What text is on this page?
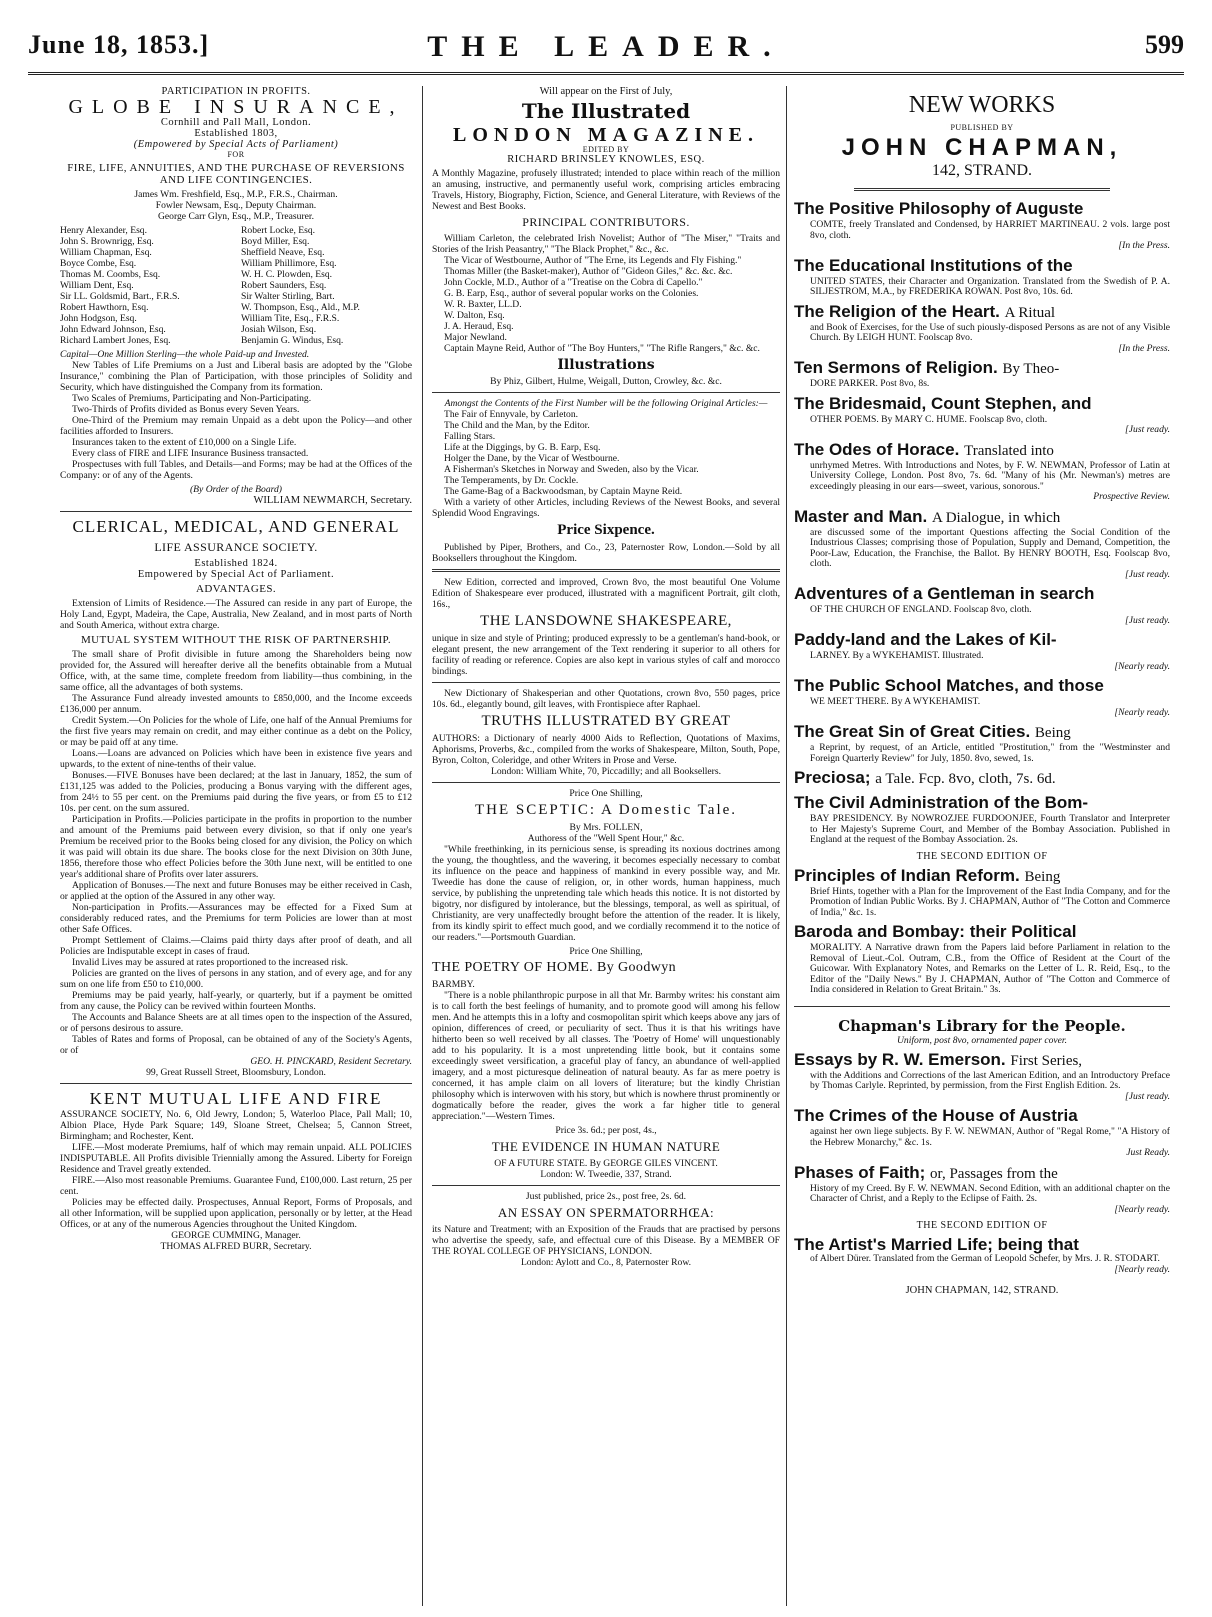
THE LEADER.
June 18, 1853.]	599
PARTICIPATION IN PROFITS.
GLOBE INSURANCE,
Cornhill and Pall Mall, London.
Established 1803,
(Empowered by Special Acts of Parliament)
FOR
FIRE, LIFE, ANNUITIES, AND THE PURCHASE OF REVERSIONS AND LIFE CONTINGENCIES.

James Wm. Freshfield, Esq., M.P., F.R.S., Chairman.

Fowler Newsam, Esq., Deputy Chairman.

George Carr Glyn, Esq., M.P., Treasurer.

Henry Alexander, Esq.

John S. Brownrigg, Esq.

William Chapman, Esq.

Boyce Combe, Esq.

Thomas M. Coombs, Esq.

William Dent, Esq.

Sir I.L. Goldsmid, Bart., F.R.S.

Robert Hawthorn, Esq.

John Hodgson, Esq.

John Edward Johnson, Esq.

Richard Lambert Jones, Esq.

Robert Locke, Esq.

Boyd Miller, Esq.

Sheffield Neave, Esq.

William Phillimore, Esq.

W. H. C. Plowden, Esq.

Robert Saunders, Esq.

Sir Walter Stirling, Bart.

W. Thompson, Esq., Ald., M.P.

William Tite, Esq., F.R.S.

Josiah Wilson, Esq.

Benjamin G. Windus, Esq.

Capital—One Million Sterling—the whole Paid-up and Invested.

New Tables of Life Premiums on a Just and Liberal basis are adopted by the "Globe Insurance," combining the Plan of Participation, with those principles of Solidity and Security, which have distinguished the Company from its formation.

Two Scales of Premiums, Participating and Non-Participating.

Two-Thirds of Profits divided as Bonus every Seven Years.

One-Third of the Premium may remain Unpaid as a debt upon the Policy—and other facilities afforded to Insurers.

Insurances taken to the extent of £10,000 on a Single Life.

Every class of FIRE and LIFE Insurance Business transacted.

Prospectuses with full Tables, and Details—and Forms; may be had at the Offices of the Company: or of any of the Agents.

(By Order of the Board)
WILLIAM NEWMARCH, Secretary.
CLERICAL, MEDICAL, AND GENERAL
LIFE ASSURANCE SOCIETY.
Established 1824.
Empowered by Special Act of Parliament.
ADVANTAGES.

Extension of Limits of Residence.—The Assured can reside in any part of Europe, the Holy Land, Egypt, Madeira, the Cape, Australia, New Zealand, and in most parts of North and South America, without extra charge.

MUTUAL SYSTEM WITHOUT THE RISK OF PARTNERSHIP.

The small share of Profit divisible in future among the Shareholders being now provided for, the Assured will hereafter derive all the benefits obtainable from a Mutual Office, with, at the same time, complete freedom from liability—thus combining, in the same office, all the advantages of both systems.

The Assurance Fund already invested amounts to £850,000, and the Income exceeds £136,000 per annum.

Credit System.—On Policies for the whole of Life, one half of the Annual Premiums for the first five years may remain on credit, and may either continue as a debt on the Policy, or may be paid off at any time.

Loans.—Loans are advanced on Policies which have been in existence five years and upwards, to the extent of nine-tenths of their value.

Bonuses.—FIVE Bonuses have been declared; at the last in January, 1852, the sum of £131,125 was added to the Policies, producing a Bonus varying with the different ages, from 24½ to 55 per cent. on the Premiums paid during the five years, or from £5 to £12 10s. per cent. on the sum assured.

Participation in Profits.—Policies participate in the profits in proportion to the number and amount of the Premiums paid between every division, so that if only one year's Premium be received prior to the Books being closed for any division, the Policy on which it was paid will obtain its due share. The books close for the next Division on 30th June, 1856, therefore those who effect Policies before the 30th June next, will be entitled to one year's additional share of Profits over later assurers.

Application of Bonuses.—The next and future Bonuses may be either received in Cash, or applied at the option of the Assured in any other way.

Non-participation in Profits.—Assurances may be effected for a Fixed Sum at considerably reduced rates, and the Premiums for term Policies are lower than at most other Safe Offices.

Prompt Settlement of Claims.—Claims paid thirty days after proof of death, and all Policies are Indisputable except in cases of fraud.

Invalid Lives may be assured at rates proportioned to the increased risk.

Policies are granted on the lives of persons in any station, and of every age, and for any sum on one life from £50 to £10,000.

Premiums may be paid yearly, half-yearly, or quarterly, but if a payment be omitted from any cause, the Policy can be revived within fourteen Months.

The Accounts and Balance Sheets are at all times open to the inspection of the Assured, or of persons desirous to assure.

Tables of Rates and forms of Proposal, can be obtained of any of the Society's Agents, or of

GEO. H. PINCKARD, Resident Secretary.
99, Great Russell Street, Bloomsbury, London.
KENT MUTUAL LIFE AND FIRE

ASSURANCE SOCIETY, No. 6, Old Jewry, London; 5, Waterloo Place, Pall Mall; 10, Albion Place, Hyde Park Square; 149, Sloane Street, Chelsea; 5, Cannon Street, Birmingham; and Rochester, Kent.

LIFE.—Most moderate Premiums, half of which may remain unpaid. ALL POLICIES INDISPUTABLE. All Profits divisible Triennially among the Assured. Liberty for Foreign Residence and Travel greatly extended.

FIRE.—Also most reasonable Premiums. Guarantee Fund, £100,000. Last return, 25 per cent.

Policies may be effected daily. Prospectuses, Annual Report, Forms of Proposals, and all other Information, will be supplied upon application, personally or by letter, at the Head Offices, or at any of the numerous Agencies throughout the United Kingdom.

GEORGE CUMMING, Manager.
THOMAS ALFRED BURR, Secretary.
Will appear on the First of July,
The Illustrated
LONDON MAGAZINE.
EDITED BY
RICHARD BRINSLEY KNOWLES, ESQ.

A Monthly Magazine, profusely illustrated; intended to place within reach of the million an amusing, instructive, and permanently useful work, comprising articles embracing Travels, History, Biography, Fiction, Science, and General Literature, with Reviews of the Newest and Best Books.

PRINCIPAL CONTRIBUTORS.

William Carleton, the celebrated Irish Novelist; Author of "The Miser," "Traits and Stories of the Irish Peasantry," "The Black Prophet," &c., &c.

The Vicar of Westbourne, Author of "The Erne, its Legends and Fly Fishing."

Thomas Miller (the Basket-maker), Author of "Gideon Giles," &c. &c. &c.

John Cockle, M.D., Author of a "Treatise on the Cobra di Capello."

G. B. Earp, Esq., author of several popular works on the Colonies.

W. R. Baxter, LL.D.

W. Dalton, Esq.

J. A. Heraud, Esq.

Major Newland.

Captain Mayne Reid, Author of "The Boy Hunters," "The Rifle Rangers," &c. &c.

Illustrations
By Phiz, Gilbert, Hulme, Weigall, Dutton, Crowley, &c. &c.
Amongst the Contents of the First Number will be the following Original Articles:—

The Fair of Ennyvale, by Carleton.

The Child and the Man, by the Editor.

Falling Stars.

Life at the Diggings, by G. B. Earp, Esq.

Holger the Dane, by the Vicar of Westbourne.

A Fisherman's Sketches in Norway and Sweden, also by the Vicar.

The Temperaments, by Dr. Cockle.

The Game-Bag of a Backwoodsman, by Captain Mayne Reid.

With a variety of other Articles, including Reviews of the Newest Books, and several Splendid Wood Engravings.

Price Sixpence.

Published by Piper, Brothers, and Co., 23, Paternoster Row, London.—Sold by all Booksellers throughout the Kingdom.

New Edition, corrected and improved, Crown 8vo, the most beautiful One Volume Edition of Shakespeare ever produced, illustrated with a magnificent Portrait, gilt cloth, 16s.,

THE LANSDOWNE SHAKESPEARE,

unique in size and style of Printing; produced expressly to be a gentleman's hand-book, or elegant present, the new arrangement of the Text rendering it superior to all others for facility of reading or reference. Copies are also kept in various styles of calf and morocco bindings.

New Dictionary of Shakesperian and other Quotations, crown 8vo, 550 pages, price 10s. 6d., elegantly bound, gilt leaves, with Frontispiece after Raphael.

TRUTHS ILLUSTRATED BY GREAT

AUTHORS: a Dictionary of nearly 4000 Aids to Reflection, Quotations of Maxims, Aphorisms, Proverbs, &c., compiled from the works of Shakespeare, Milton, South, Pope, Byron, Colton, Coleridge, and other Writers in Prose and Verse.

London: William White, 70, Piccadilly; and all Booksellers.
Price One Shilling,
THE SCEPTIC: A Domestic Tale.
By Mrs. FOLLEN,
Authoress of the "Well Spent Hour," &c.

"While freethinking, in its pernicious sense, is spreading its noxious doctrines among the young, the thoughtless, and the wavering, it becomes especially necessary to combat its influence on the peace and happiness of mankind in every possible way, and Mr. Tweedie has done the cause of religion, or, in other words, human happiness, much service, by publishing the unpretending tale which heads this notice. It is not distorted by bigotry, nor disfigured by intolerance, but the blessings, temporal, as well as spiritual, of Christianity, are very unaffectedly brought before the attention of the reader. It is likely, from its kindly spirit to effect much good, and we cordially recommend it to the notice of our readers."—Portsmouth Guardian.

Price One Shilling,
THE POETRY OF HOME. By Goodwyn
BARMBY.

"There is a noble philanthropic purpose in all that Mr. Barmby writes: his constant aim is to call forth the best feelings of humanity, and to promote good will among his fellow men. And he attempts this in a lofty and cosmopolitan spirit which keeps above any jars of opinion, differences of creed, or peculiarity of sect. Thus it is that his writings have hitherto been so well received by all classes. The 'Poetry of Home' will unquestionably add to his popularity. It is a most unpretending little book, but it contains some exceedingly sweet versification, a graceful play of fancy, an abundance of well-applied imagery, and a most picturesque delineation of natural beauty. As far as mere poetry is concerned, it has ample claim on all lovers of literature; but the kindly Christian philosophy which is interwoven with his story, but which is nowhere thrust prominently or dogmatically before the reader, gives the work a far higher title to general appreciation."—Western Times.

Price 3s. 6d.; per post, 4s.,
THE EVIDENCE IN HUMAN NATURE
OF A FUTURE STATE. By GEORGE GILES VINCENT.
London: W. Tweedie, 337, Strand.
Just published, price 2s., post free, 2s. 6d.
AN ESSAY ON SPERMATORRHŒA:

its Nature and Treatment; with an Exposition of the Frauds that are practised by persons who advertise the speedy, safe, and effectual cure of this Disease. By a MEMBER OF THE ROYAL COLLEGE OF PHYSICIANS, LONDON.

London: Aylott and Co., 8, Paternoster Row.
NEW WORKS
PUBLISHED BY
JOHN CHAPMAN,
142, STRAND.
The Positive Philosophy of Auguste
COMTE, freely Translated and Condensed, by HARRIET MARTINEAU. 2 vols. large post 8vo, cloth.
[In the Press.
The Educational Institutions of the
UNITED STATES, their Character and Organization. Translated from the Swedish of P. A. SILJESTROM, M.A., by FREDERIKA ROWAN. Post 8vo, 10s. 6d.
The Religion of the Heart. A Ritual
and Book of Exercises, for the Use of such piously-disposed Persons as are not of any Visible Church. By LEIGH HUNT. Foolscap 8vo.
[In the Press.
Ten Sermons of Religion. By Theo-
DORE PARKER. Post 8vo, 8s.
The Bridesmaid, Count Stephen, and
OTHER POEMS. By MARY C. HUME. Foolscap 8vo, cloth.
[Just ready.
The Odes of Horace. Translated into
unrhymed Metres. With Introductions and Notes, by F. W. NEWMAN, Professor of Latin at University College, London. Post 8vo, 7s. 6d. "Many of his (Mr. Newman's) metres are exceedingly pleasing in our ears—sweet, various, sonorous."
Prospective Review.
Master and Man. A Dialogue, in which
are discussed some of the important Questions affecting the Social Condition of the Industrious Classes; comprising those of Population, Supply and Demand, Competition, the Poor-Law, Education, the Franchise, the Ballot. By HENRY BOOTH, Esq. Foolscap 8vo, cloth.
[Just ready.
Adventures of a Gentleman in search
OF THE CHURCH OF ENGLAND. Foolscap 8vo, cloth.
[Just ready.
Paddy-land and the Lakes of Kil-
LARNEY. By a WYKEHAMIST. Illustrated.
[Nearly ready.
The Public School Matches, and those
WE MEET THERE. By A WYKEHAMIST.
[Nearly ready.
The Great Sin of Great Cities. Being
a Reprint, by request, of an Article, entitled "Prostitution," from the "Westminster and Foreign Quarterly Review" for July, 1850. 8vo, sewed, 1s.
Preciosa; a Tale. Fcp. 8vo, cloth, 7s. 6d.
The Civil Administration of the Bom-
BAY PRESIDENCY. By NOWROZJEE FURDOONJEE, Fourth Translator and Interpreter to Her Majesty's Supreme Court, and Member of the Bombay Association. Published in England at the request of the Bombay Association. 2s.
THE SECOND EDITION OF
Principles of Indian Reform. Being
Brief Hints, together with a Plan for the Improvement of the East India Company, and for the Promotion of Indian Public Works. By J. CHAPMAN, Author of "The Cotton and Commerce of India," &c. 1s.
Baroda and Bombay: their Political
MORALITY. A Narrative drawn from the Papers laid before Parliament in relation to the Removal of Lieut.-Col. Outram, C.B., from the Office of Resident at the Court of the Guicowar. With Explanatory Notes, and Remarks on the Letter of L. R. Reid, Esq., to the Editor of the "Daily News." By J. CHAPMAN, Author of "The Cotton and Commerce of India considered in Relation to Great Britain." 3s.
Chapman's Library for the People.
Uniform, post 8vo, ornamented paper cover.
Essays by R. W. Emerson. First Series,
with the Additions and Corrections of the last American Edition, and an Introductory Preface by Thomas Carlyle. Reprinted, by permission, from the First English Edition. 2s.
[Just ready.
The Crimes of the House of Austria
against her own liege subjects. By F. W. NEWMAN, Author of "Regal Rome," "A History of the Hebrew Monarchy," &c. 1s.
Just Ready.
Phases of Faith; or, Passages from the
History of my Creed. By F. W. NEWMAN. Second Edition, with an additional chapter on the Character of Christ, and a Reply to the Eclipse of Faith. 2s.
[Nearly ready.
THE SECOND EDITION OF
The Artist's Married Life; being that
of Albert Dürer. Translated from the German of Leopold Schefer, by Mrs. J. R. STODART.
[Nearly ready.
JOHN CHAPMAN, 142, STRAND.
